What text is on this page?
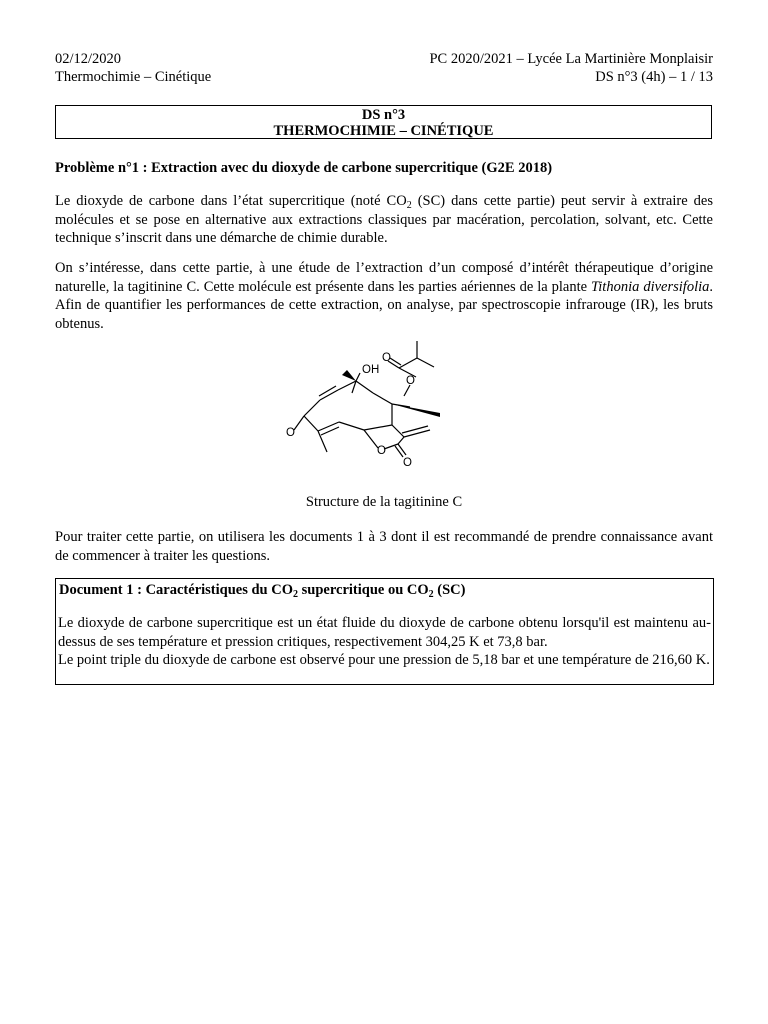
02/12/2020	PC 2020/2021 – Lycée La Martinière Monplaisir
Thermochimie – Cinétique	DS n°3 (4h) – 1 / 13
DS n°3
THERMOCHIMIE – CINÉTIQUE
Problème n°1 : Extraction avec du dioxyde de carbone supercritique (G2E 2018)
Le dioxyde de carbone dans l’état supercritique (noté $CO_2$ (SC) dans cette partie) peut servir à extraire des molécules et se pose en alternative aux extractions classiques par macération, percolation, solvant, etc. Cette technique s’inscrit dans une démarche de chimie durable.
On s’intéresse, dans cette partie, à une étude de l’extraction d’un composé d’intérêt thérapeutique d’origine naturelle, la tagitinine C. Cette molécule est présente dans les parties aériennes de la plante Tithonia diversifolia. Afin de quantifier les performances de cette extraction, on analyse, par spectroscopie infrarouge (IR), les bruts obtenus.
OH
O
O
O
O
O
Structure de la tagitinine C
Pour traiter cette partie, on utilisera les documents 1 à 3 dont il est recommandé de prendre connaissance avant de commencer à traiter les questions.
Document 1 : Caractéristiques du $CO_2$ supercritique ou $CO_2$ (SC)
Le dioxyde de carbone supercritique est un état fluide du dioxyde de carbone obtenu lorsqu'il est maintenu au-dessus de ses température et pression critiques, respectivement 304,25 K et 73,8 bar.
Le point triple du dioxyde de carbone est observé pour une pression de 5,18 bar et une température de 216,60 K.
